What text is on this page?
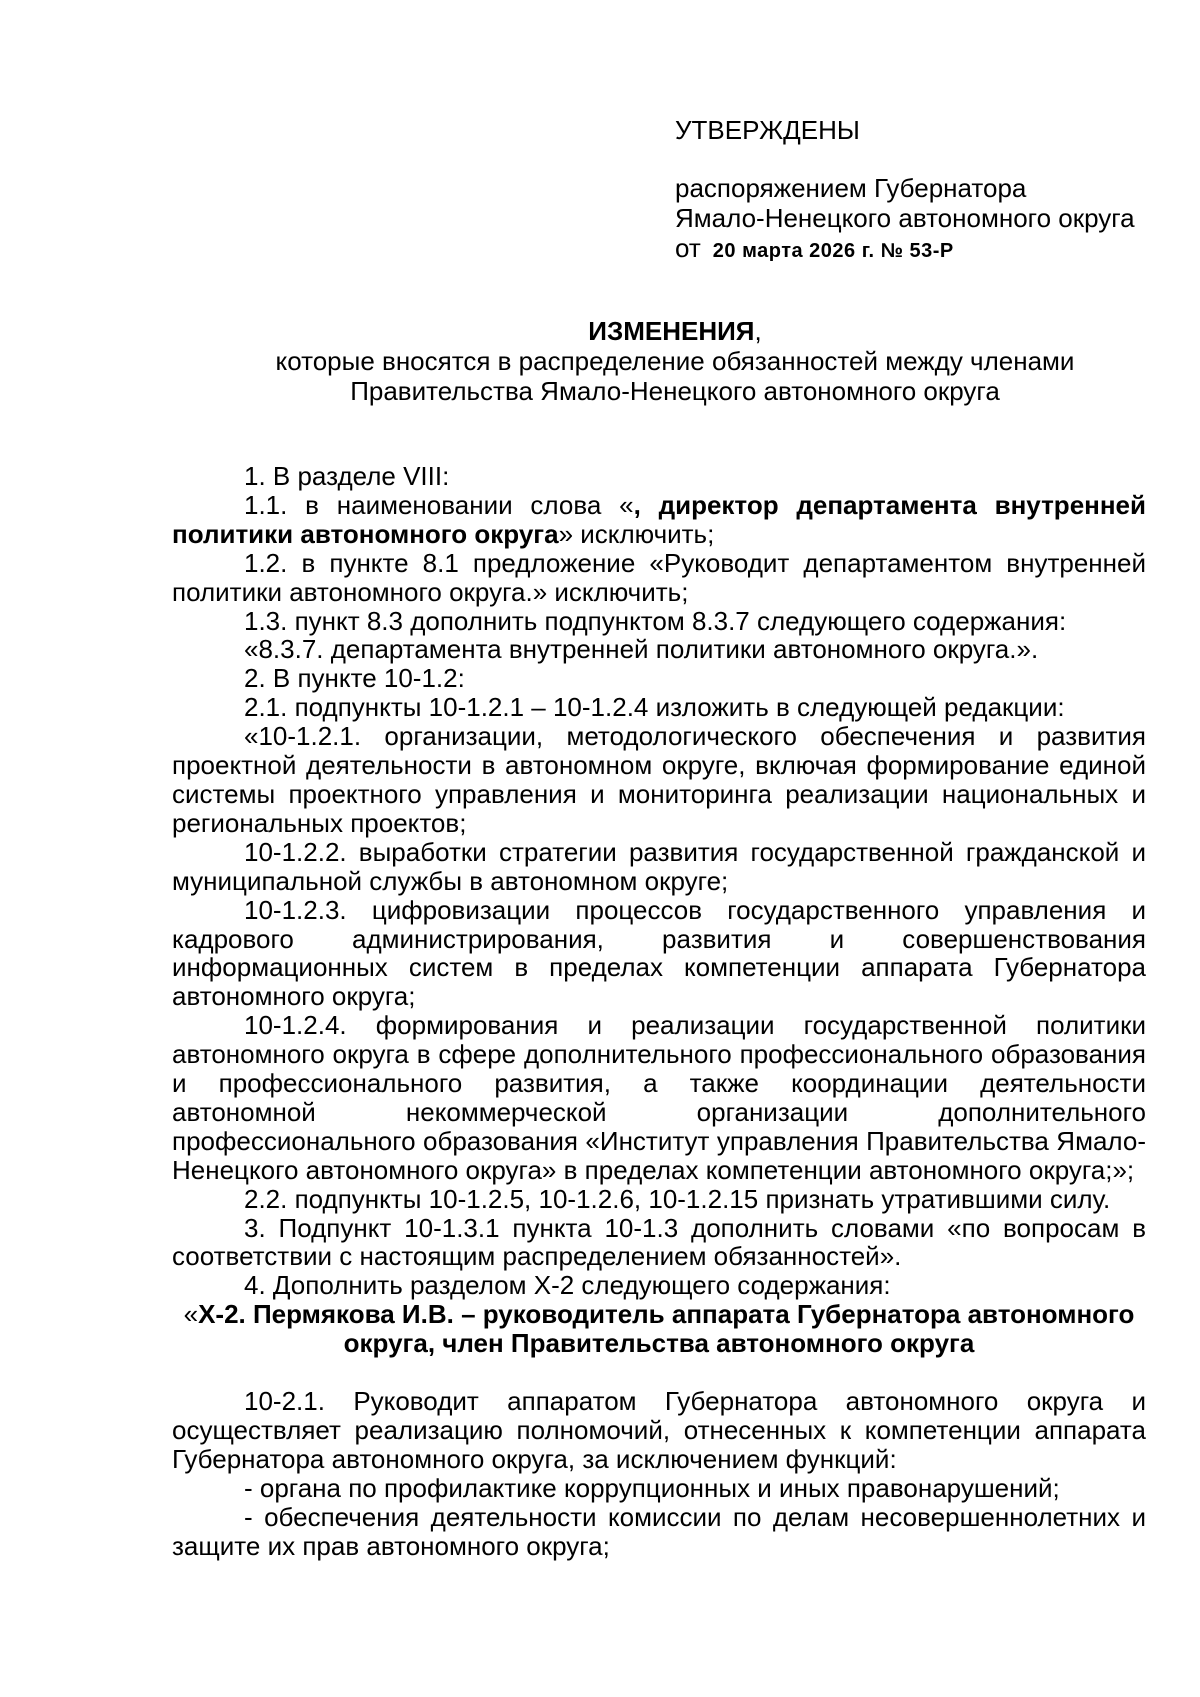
УТВЕРЖДЕНЫ
распоряжением Губернатора
Ямало-Ненецкого автономного округа
от 20 марта 2026 г. № 53-Р
ИЗМЕНЕНИЯ,
которые вносятся в распределение обязанностей между членами
Правительства Ямало-Ненецкого автономного округа

1. В разделе VIII:

1.1. в наименовании слова «, директор департамента внутренней политики автономного округа» исключить;

1.2. в пункте 8.1 предложение «Руководит департаментом внутренней политики автономного округа.» исключить;

1.3. пункт 8.3 дополнить подпунктом 8.3.7 следующего содержания:

«8.3.7. департамента внутренней политики автономного округа.».

2. В пункте 10-1.2:

2.1. подпункты 10-1.2.1 – 10-1.2.4 изложить в следующей редакции:

«10-1.2.1. организации, методологического обеспечения и развития проектной деятельности в автономном округе, включая формирование единой системы проектного управления и мониторинга реализации национальных и региональных проектов;

10-1.2.2. выработки стратегии развития государственной гражданской и муниципальной службы в автономном округе;

10-1.2.3. цифровизации процессов государственного управления и кадрового администрирования, развития и совершенствования информационных систем в пределах компетенции аппарата Губернатора автономного округа;

10-1.2.4. формирования и реализации государственной политики автономного округа в сфере дополнительного профессионального образования и профессионального развития, а также координации деятельности автономной некоммерческой организации дополнительного профессионального образования «Институт управления Правительства Ямало-Ненецкого автономного округа» в пределах компетенции автономного округа;»;

2.2. подпункты 10-1.2.5, 10-1.2.6, 10-1.2.15 признать утратившими силу.

3. Подпункт 10-1.3.1 пункта 10-1.3 дополнить словами «по вопросам в соответствии с настоящим распределением обязанностей».

4. Дополнить разделом X-2 следующего содержания:

«X-2. Пермякова И.В. – руководитель аппарата Губернатора автономного округа, член Правительства автономного округа

10-2.1. Руководит аппаратом Губернатора автономного округа и осуществляет реализацию полномочий, отнесенных к компетенции аппарата Губернатора автономного округа, за исключением функций:

- органа по профилактике коррупционных и иных правонарушений;

- обеспечения деятельности комиссии по делам несовершеннолетних и защите их прав автономного округа;
